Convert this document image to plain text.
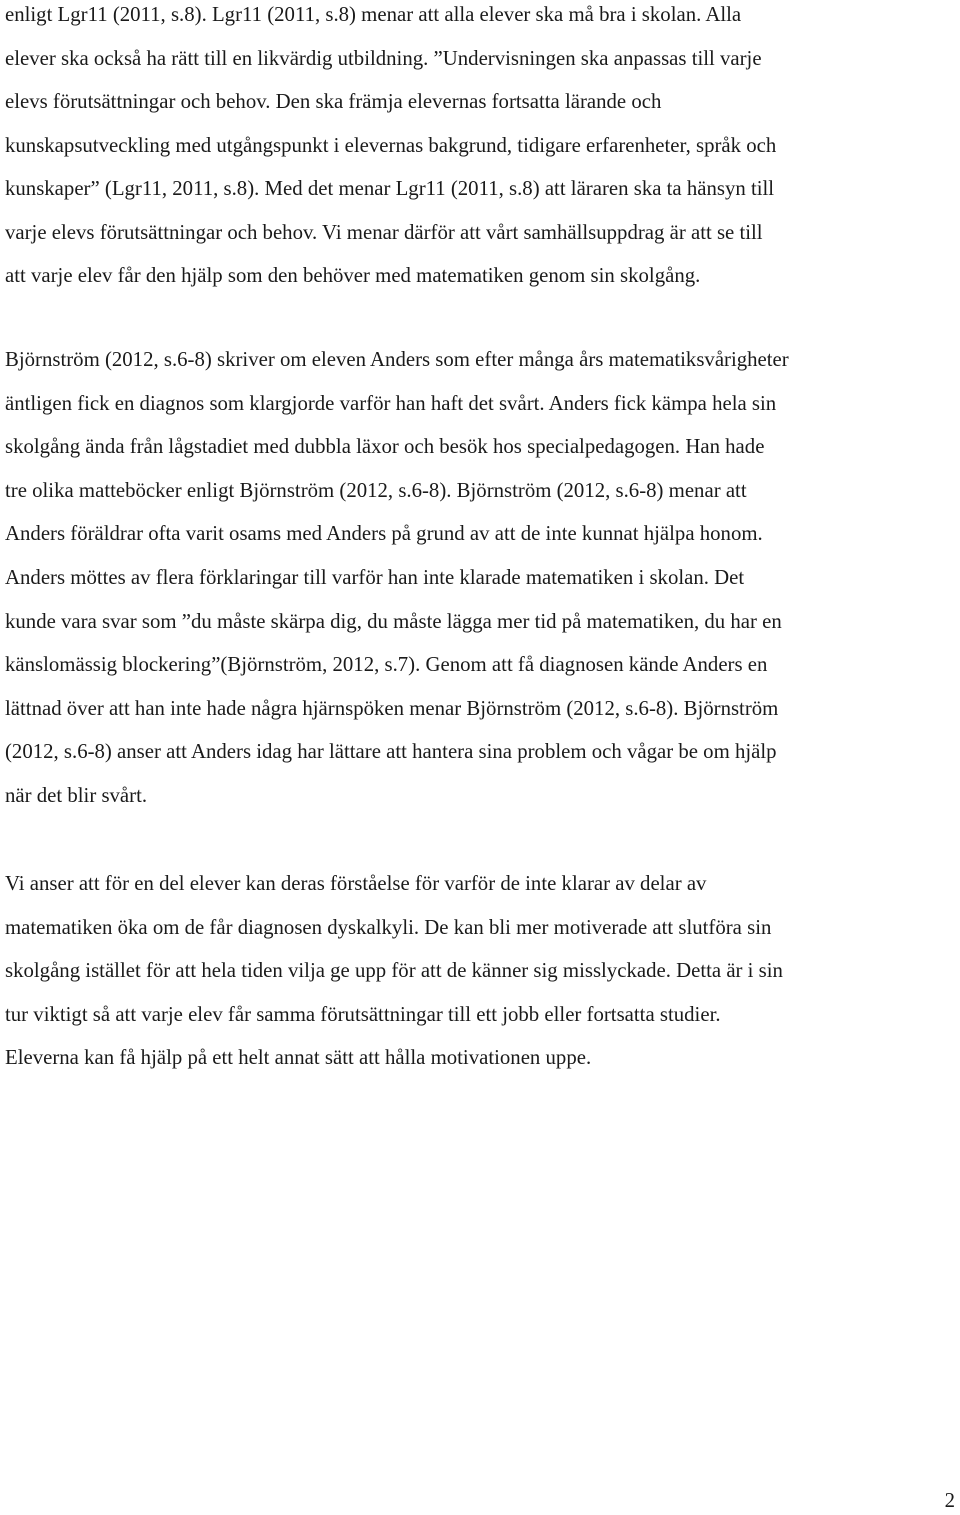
enligt Lgr11 (2011, s.8). Lgr11 (2011, s.8) menar att alla elever ska må bra i skolan. Alla
elever ska också ha rätt till en likvärdig utbildning. ”Undervisningen ska anpassas till varje
elevs förutsättningar och behov. Den ska främja elevernas fortsatta lärande och
kunskapsutveckling med utgångspunkt i elevernas bakgrund, tidigare erfarenheter, språk och
kunskaper” (Lgr11, 2011, s.8). Med det menar Lgr11 (2011, s.8) att läraren ska ta hänsyn till
varje elevs förutsättningar och behov. Vi menar därför att vårt samhällsuppdrag är att se till
att varje elev får den hjälp som den behöver med matematiken genom sin skolgång.
Björnström (2012, s.6-8) skriver om eleven Anders som efter många års matematiksvårigheter
äntligen fick en diagnos som klargjorde varför han haft det svårt. Anders fick kämpa hela sin
skolgång ända från lågstadiet med dubbla läxor och besök hos specialpedagogen. Han hade
tre olika matteböcker enligt Björnström (2012, s.6-8). Björnström (2012, s.6-8) menar att
Anders föräldrar ofta varit osams med Anders på grund av att de inte kunnat hjälpa honom.
Anders möttes av flera förklaringar till varför han inte klarade matematiken i skolan. Det
kunde vara svar som ”du måste skärpa dig, du måste lägga mer tid på matematiken, du har en
känslomässig blockering”(Björnström, 2012, s.7). Genom att få diagnosen kände Anders en
lättnad över att han inte hade några hjärnspöken menar Björnström (2012, s.6-8). Björnström
(2012, s.6-8) anser att Anders idag har lättare att hantera sina problem och vågar be om hjälp
när det blir svårt.
Vi anser att för en del elever kan deras förståelse för varför de inte klarar av delar av
matematiken öka om de får diagnosen dyskalkyli. De kan bli mer motiverade att slutföra sin
skolgång istället för att hela tiden vilja ge upp för att de känner sig misslyckade. Detta är i sin
tur viktigt så att varje elev får samma förutsättningar till ett jobb eller fortsatta studier.
Eleverna kan få hjälp på ett helt annat sätt att hålla motivationen uppe.
2
